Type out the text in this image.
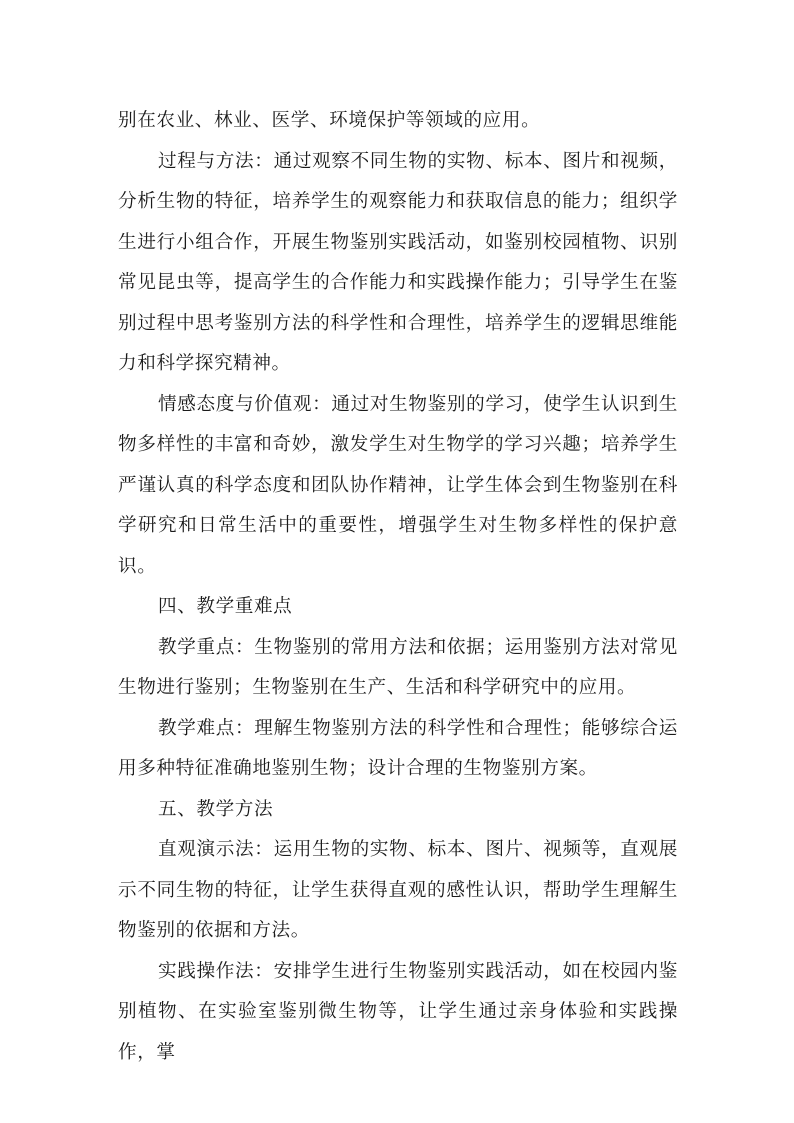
别在农业、林业、医学、环境保护等领域的应用。

过程与方法：通过观察不同生物的实物、标本、图片和视频，分析生物的特征，培养学生的观察能力和获取信息的能力；组织学生进行小组合作，开展生物鉴别实践活动，如鉴别校园植物、识别常见昆虫等，提高学生的合作能力和实践操作能力；引导学生在鉴别过程中思考鉴别方法的科学性和合理性，培养学生的逻辑思维能力和科学探究精神。

情感态度与价值观：通过对生物鉴别的学习，使学生认识到生物多样性的丰富和奇妙，激发学生对生物学的学习兴趣；培养学生严谨认真的科学态度和团队协作精神，让学生体会到生物鉴别在科学研究和日常生活中的重要性，增强学生对生物多样性的保护意识。

四、教学重难点

教学重点：生物鉴别的常用方法和依据；运用鉴别方法对常见生物进行鉴别；生物鉴别在生产、生活和科学研究中的应用。

教学难点：理解生物鉴别方法的科学性和合理性；能够综合运用多种特征准确地鉴别生物；设计合理的生物鉴别方案。

五、教学方法

直观演示法：运用生物的实物、标本、图片、视频等，直观展示不同生物的特征，让学生获得直观的感性认识，帮助学生理解生物鉴别的依据和方法。

实践操作法：安排学生进行生物鉴别实践活动，如在校园内鉴别植物、在实验室鉴别微生物等，让学生通过亲身体验和实践操作，掌
